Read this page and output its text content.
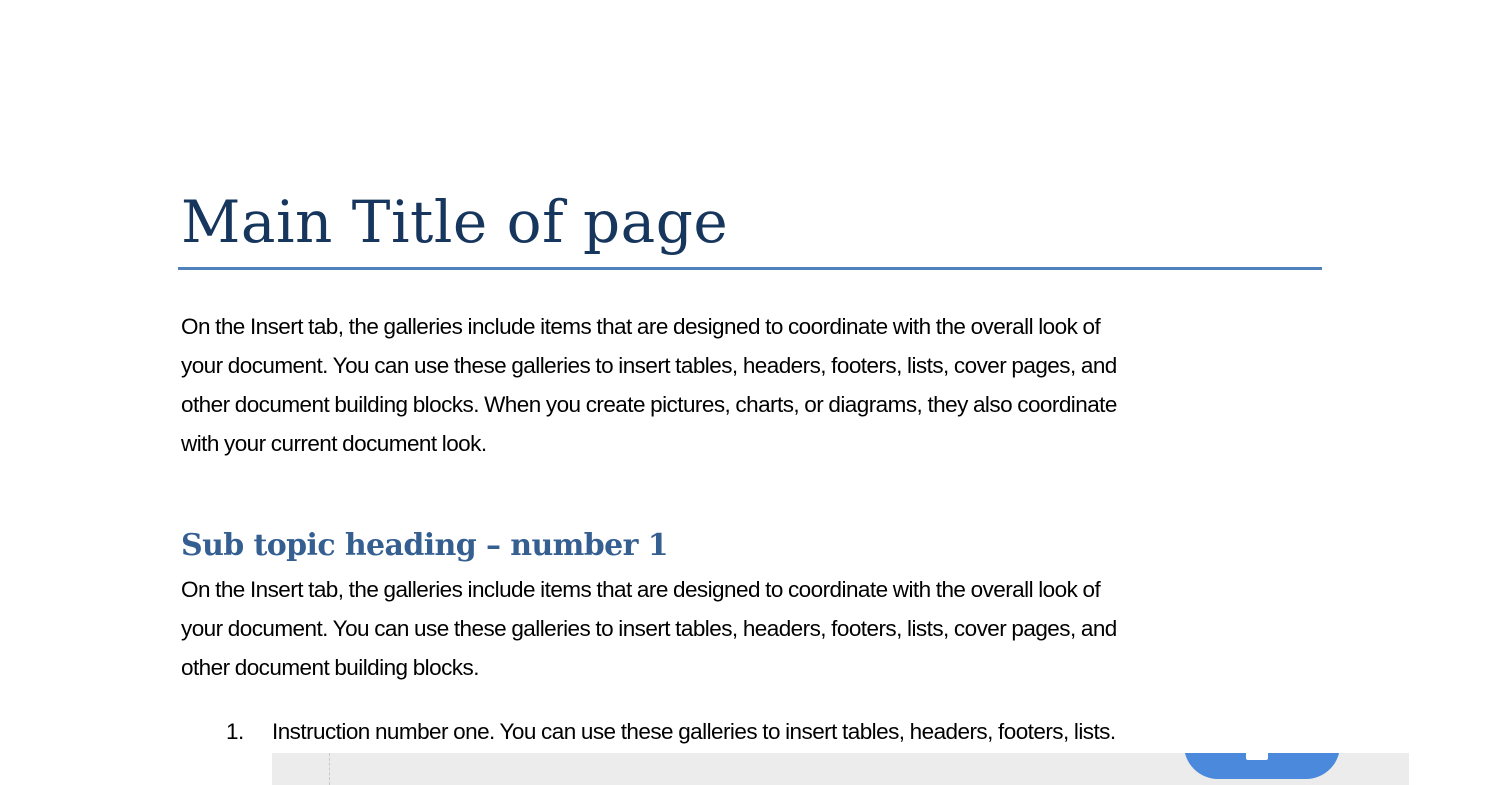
Main Title of page

On the Insert tab, the galleries include items that are designed to coordinate with the overall look of
your document. You can use these galleries to insert tables, headers, footers, lists, cover pages, and
other document building blocks. When you create pictures, charts, or diagrams, they also coordinate
with your current document look.

Sub topic heading – number 1

On the Insert tab, the galleries include items that are designed to coordinate with the overall look of
your document. You can use these galleries to insert tables, headers, footers, lists, cover pages, and
other document building blocks.

1. Instruction number one. You can use these galleries to insert tables, headers, footers, lists.
